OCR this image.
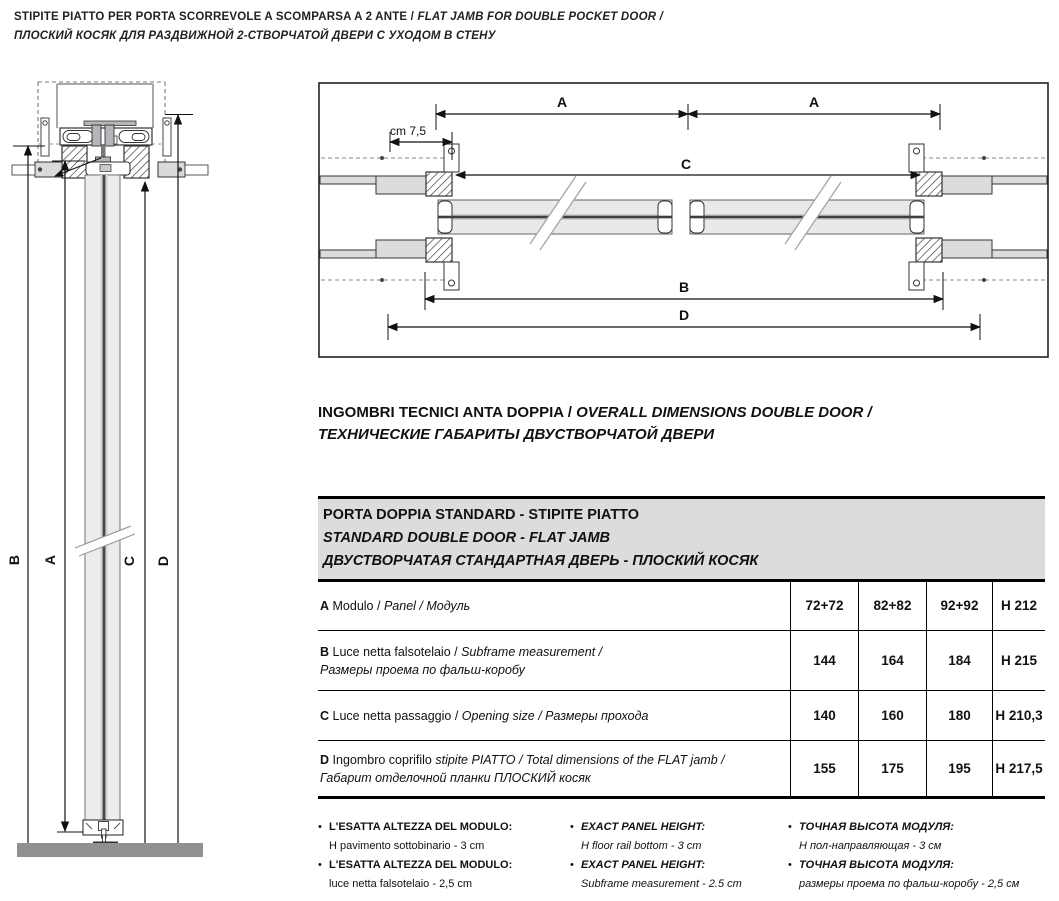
STIPITE PIATTO PER PORTA SCORREVOLE A SCOMPARSA A 2 ANTE / FLAT JAMB FOR DOUBLE POCKET DOOR /
ПЛОСКИЙ КОСЯК ДЛЯ РАЗДВИЖНОЙ 2-СТВОРЧАТОЙ ДВЕРИ С УХОДОМ В СТЕНУ
B A	C D
A	A
C
B
D
cm 7,5
INGOMBRI TECNICI ANTA DOPPIA / OVERALL DIMENSIONS DOUBLE DOOR /
ТЕХНИЧЕСКИЕ ГАБАРИТЫ ДВУСТВОРЧАТОЙ ДВЕРИ
PORTA DOPPIA STANDARD - STIPITE PIATTO
STANDARD DOUBLE DOOR - FLAT JAMB
ДВУСТВОРЧАТАЯ СТАНДАРТНАЯ ДВЕРЬ - ПЛОСКИЙ КОСЯК
A Modulo / Panel / Модуль	72+72	82+82	92+92	H 212
B Luce netta falsotelaio / Subframe measurement /
Размеры проема по фальш-коробу
144	164	184	H 215
C Luce netta passaggio / Opening size / Размеры прохода	140	160	180	H 210,3
D Ingombro coprifilo stipite PIATTO / Total dimensions of the FLAT jamb /
Габарит отделочной планки ПЛОСКИЙ косяк
155	175	195	H 217,5
• L'ESATTA ALTEZZA DEL MODULO:
H pavimento sottobinario - 3 cm
• L'ESATTA ALTEZZA DEL MODULO:
luce netta falsotelaio - 2,5 cm
• EXACT PANEL HEIGHT:
H floor rail bottom - 3 cm
• EXACT PANEL HEIGHT:
Subframe measurement - 2.5 cm
• ТОЧНАЯ ВЫСОТА МОДУЛЯ:
Н пол-направляющая - 3 см
• ТОЧНАЯ ВЫСОТА МОДУЛЯ:
размеры проема по фальш-коробу - 2,5 см
